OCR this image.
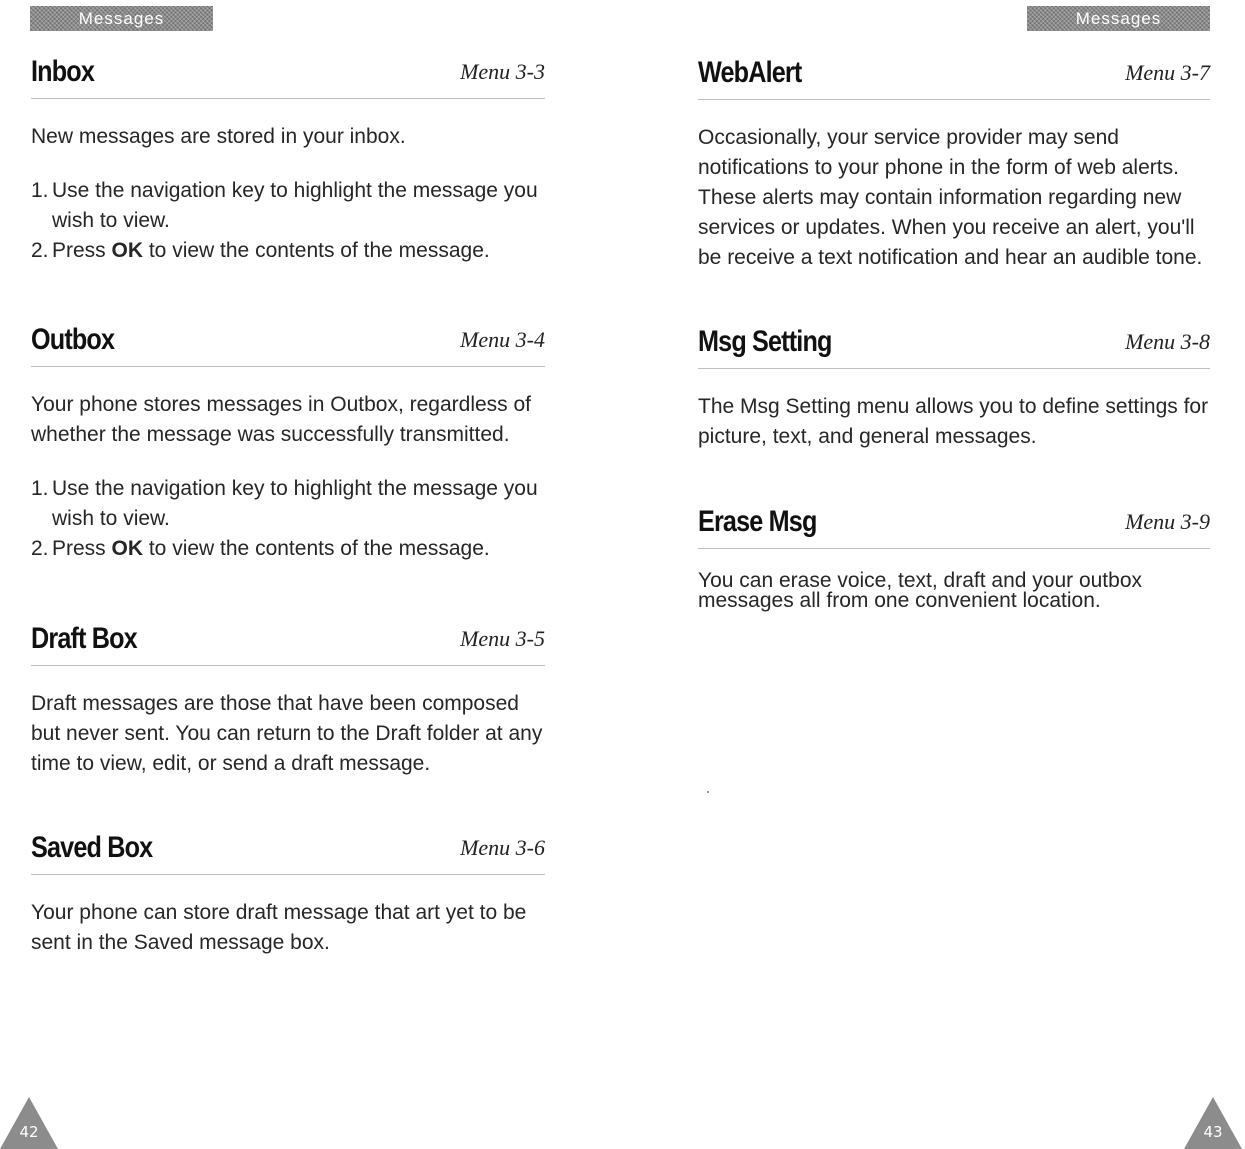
Messages
Inbox	Menu 3-3

New messages are stored in your inbox.

1. Use the navigation key to highlight the message you wish to view.
2. Press OK to view the contents of the message.
Outbox	Menu 3-4

Your phone stores messages in Outbox, regardless of whether the message was successfully transmitted.

1. Use the navigation key to highlight the message you wish to view.
2. Press OK to view the contents of the message.
Draft Box	Menu 3-5

Draft messages are those that have been composed but never sent. You can return to the Draft folder at any time to view, edit, or send a draft message.

Saved Box	Menu 3-6

Your phone can store draft message that art yet to be sent in the Saved message box.

42
Messages
WebAlert	Menu 3-7

Occasionally, your service provider may send notifications to your phone in the form of web alerts. These alerts may contain information regarding new services or updates. When you receive an alert, you'll be receive a text notification and hear an audible tone.

Msg Setting	Menu 3-8

The Msg Setting menu allows you to define settings for picture, text, and general messages.

Erase Msg	Menu 3-9

You can erase voice, text, draft and your outbox messages all from one convenient location.

43
